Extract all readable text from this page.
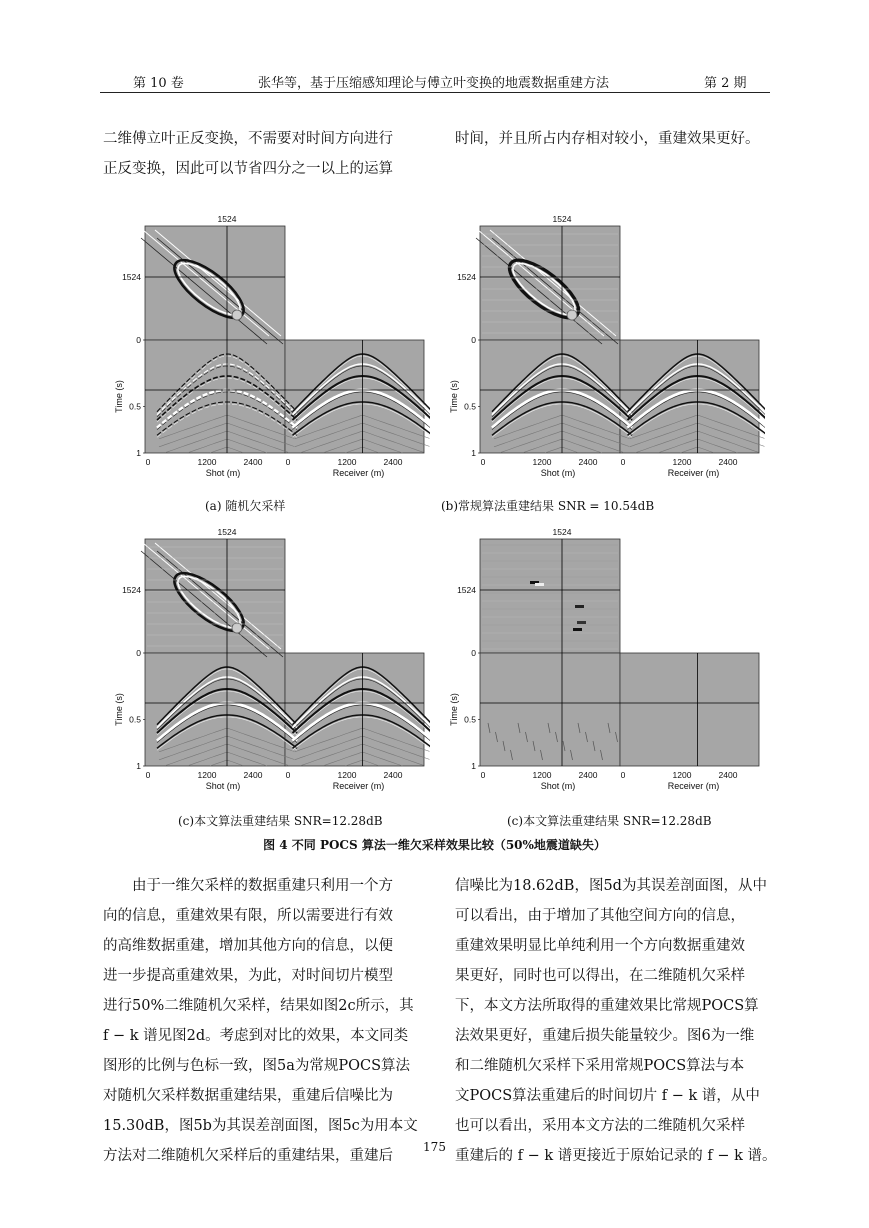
第 10 卷	张华等，基于压缩感知理论与傅立叶变换的地震数据重建方法	第 2 期
二维傅立叶正反变换，不需要对时间方向进行
正反变换，因此可以节省四分之一以上的运算
时间，并且所占内存相对较小，重建效果更好。
1524
1524
0
0.5
1
0	1200	2400	0	1200	2400
Shot (m)	Receiver (m)
Time (s)
1524
1524
0
0.5
1
0	1200	2400	0	1200	2400
Shot (m)	Receiver (m)
Time (s)
1524
1524
0
0.5
1
0	1200	2400	0	1200	2400
Shot (m)	Receiver (m)
Time (s)
1524
1524
0
0.5
1
0	1200	2400	0	1200	2400
Shot (m)	Receiver (m)
Time (s)
(a) 随机欠采样	(b)常规算法重建结果 SNR = 10.54dB
(c)本文算法重建结果 SNR=12.28dB	(c)本文算法重建结果 SNR=12.28dB
图 4 不同 POCS 算法一维欠采样效果比较（50%地震道缺失）
由于一维欠采样的数据重建只利用一个方
向的信息，重建效果有限，所以需要进行有效
的高维数据重建，增加其他方向的信息，以便
进一步提高重建效果，为此，对时间切片模型
进行50%二维随机欠采样，结果如图2c所示，其
f − k 谱见图2d。考虑到对比的效果，本文同类
图形的比例与色标一致，图5a为常规POCS算法
对随机欠采样数据重建结果，重建后信噪比为
15.30dB，图5b为其误差剖面图，图5c为用本文
方法对二维随机欠采样后的重建结果，重建后
信噪比为18.62dB，图5d为其误差剖面图，从中
可以看出，由于增加了其他空间方向的信息，
重建效果明显比单纯利用一个方向数据重建效
果更好，同时也可以得出，在二维随机欠采样
下，本文方法所取得的重建效果比常规POCS算
法效果更好，重建后损失能量较少。图6为一维
和二维随机欠采样下采用常规POCS算法与本
文POCS算法重建后的时间切片 f − k 谱，从中
也可以看出，采用本文方法的二维随机欠采样
重建后的 f − k 谱更接近于原始记录的 f − k 谱。
175
